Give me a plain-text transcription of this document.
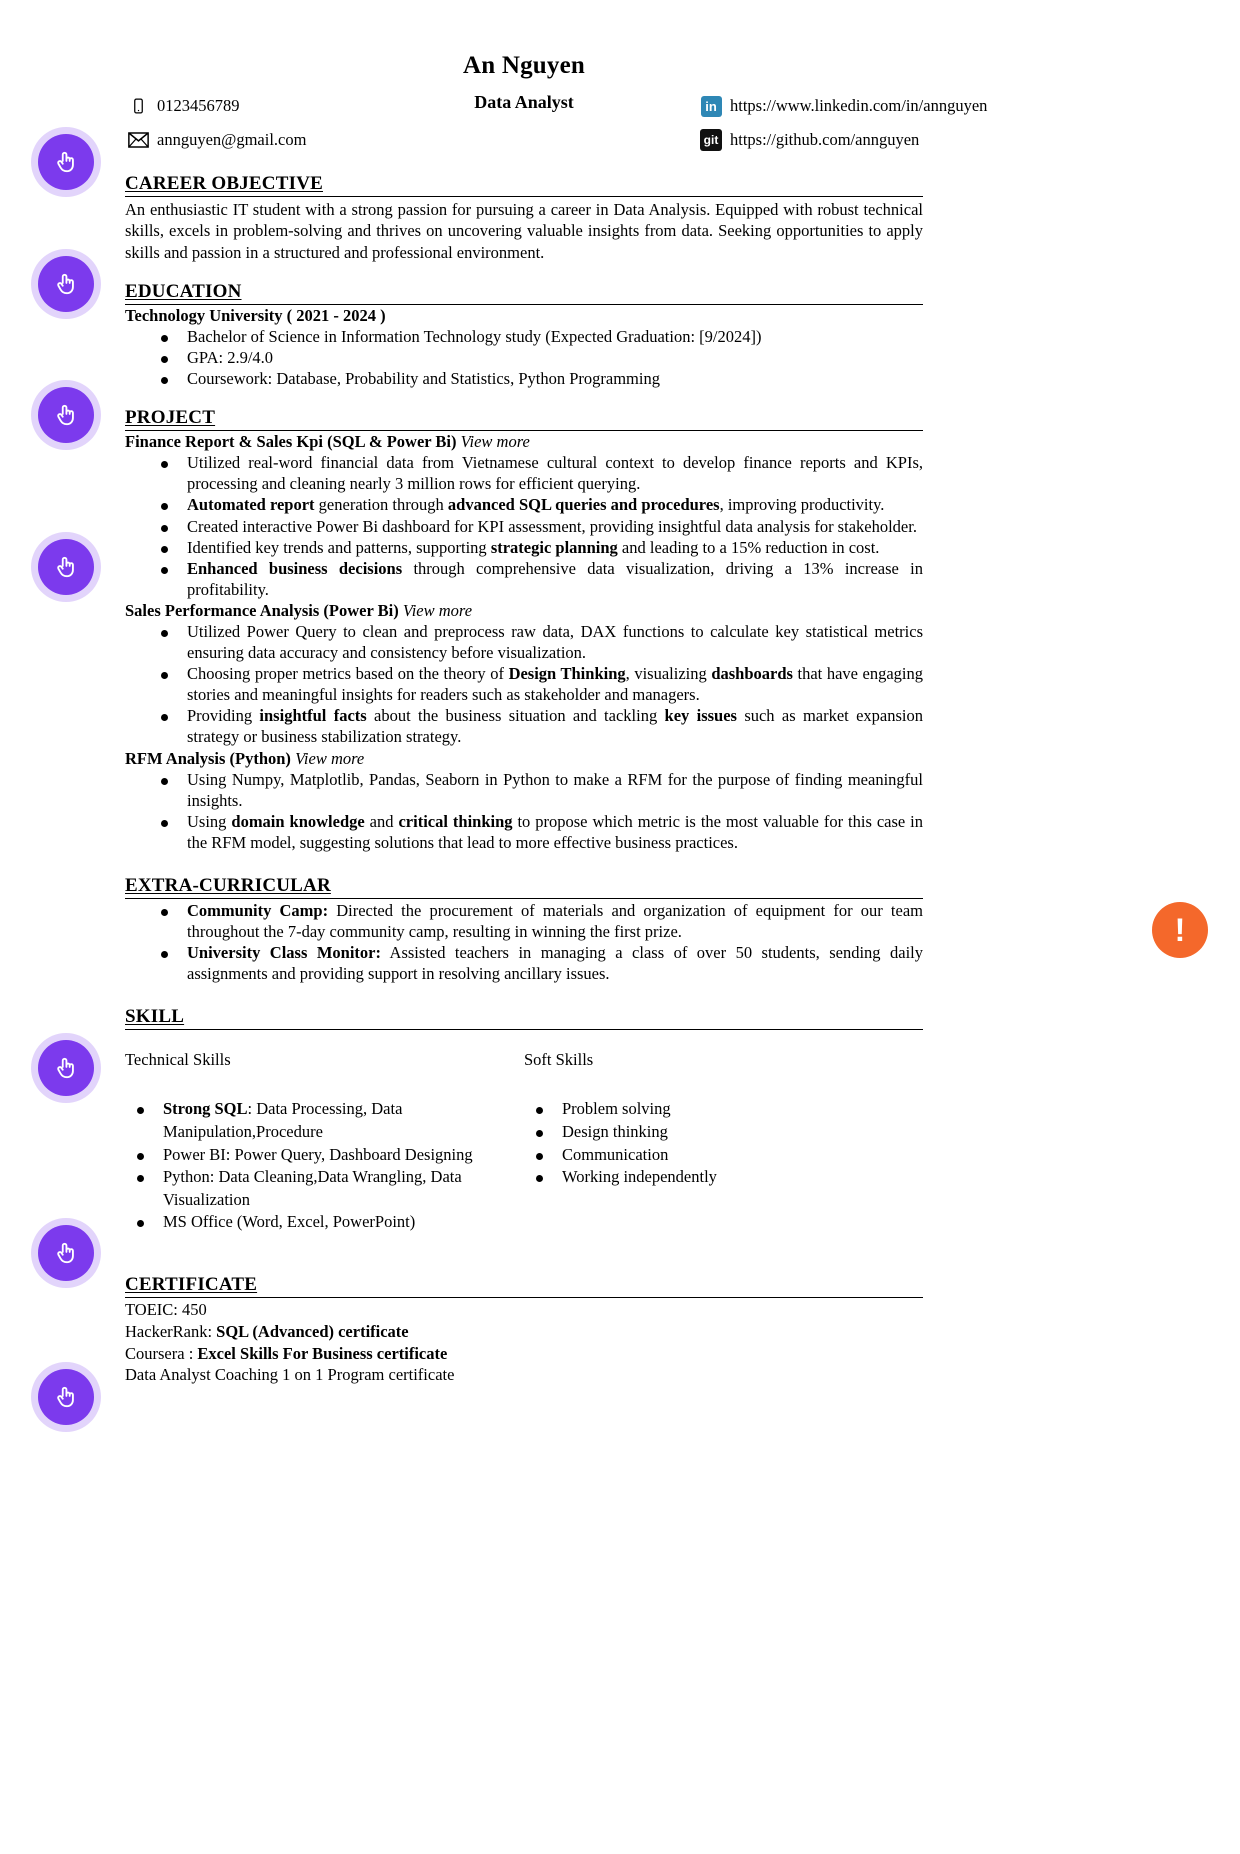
!
An Nguyen
Data Analyst
0123456789	in https://www.linkedin.com/in/annguyen
annguyen@gmail.com	git https://github.com/annguyen
CAREER OBJECTIVE

An enthusiastic IT student with a strong passion for pursuing a career in Data Analysis. Equipped with robust technical skills, excels in problem-solving and thrives on uncovering valuable insights from data. Seeking opportunities to apply skills and passion in a structured and professional environment.

EDUCATION
Technology University ( 2021 - 2024 )
Bachelor of Science in Information Technology study (Expected Graduation: [9/2024])
GPA: 2.9/4.0
Coursework: Database, Probability and Statistics, Python Programming
PROJECT
Finance Report & Sales Kpi (SQL & Power Bi) View more
Utilized real-word financial data from Vietnamese cultural context to develop finance reports and KPIs, processing and cleaning nearly 3 million rows for efficient querying.
Automated report generation through advanced SQL queries and procedures, improving productivity.
Created interactive Power Bi dashboard for KPI assessment, providing insightful data analysis for stakeholder.
Identified key trends and patterns, supporting strategic planning and leading to a 15% reduction in cost.
Enhanced business decisions through comprehensive data visualization, driving a 13% increase in profitability.
Sales Performance Analysis (Power Bi) View more
Utilized Power Query to clean and preprocess raw data, DAX functions to calculate key statistical metrics ensuring data accuracy and consistency before visualization.
Choosing proper metrics based on the theory of Design Thinking, visualizing dashboards that have engaging stories and meaningful insights for readers such as stakeholder and managers.
Providing insightful facts about the business situation and tackling key issues such as market expansion strategy or business stabilization strategy.
RFM Analysis (Python) View more
Using Numpy, Matplotlib, Pandas, Seaborn in Python to make a RFM for the purpose of finding meaningful insights.
Using domain knowledge and critical thinking to propose which metric is the most valuable for this case in the RFM model, suggesting solutions that lead to more effective business practices.
EXTRA-CURRICULAR
Community Camp: Directed the procurement of materials and organization of equipment for our team throughout the 7-day community camp, resulting in winning the first prize.
University Class Monitor: Assisted teachers in managing a class of over 50 students, sending daily assignments and providing support in resolving ancillary issues.
SKILL
Technical Skills
Strong SQL: Data Processing, Data Manipulation,Procedure
Power BI: Power Query, Dashboard Designing
Python: Data Cleaning,Data Wrangling, Data Visualization
MS Office (Word, Excel, PowerPoint)
Soft Skills
Problem solving
Design thinking
Communication
Working independently
CERTIFICATE
TOEIC: 450
HackerRank: SQL (Advanced) certificate
Coursera : Excel Skills For Business certificate
Data Analyst Coaching 1 on 1 Program certificate
